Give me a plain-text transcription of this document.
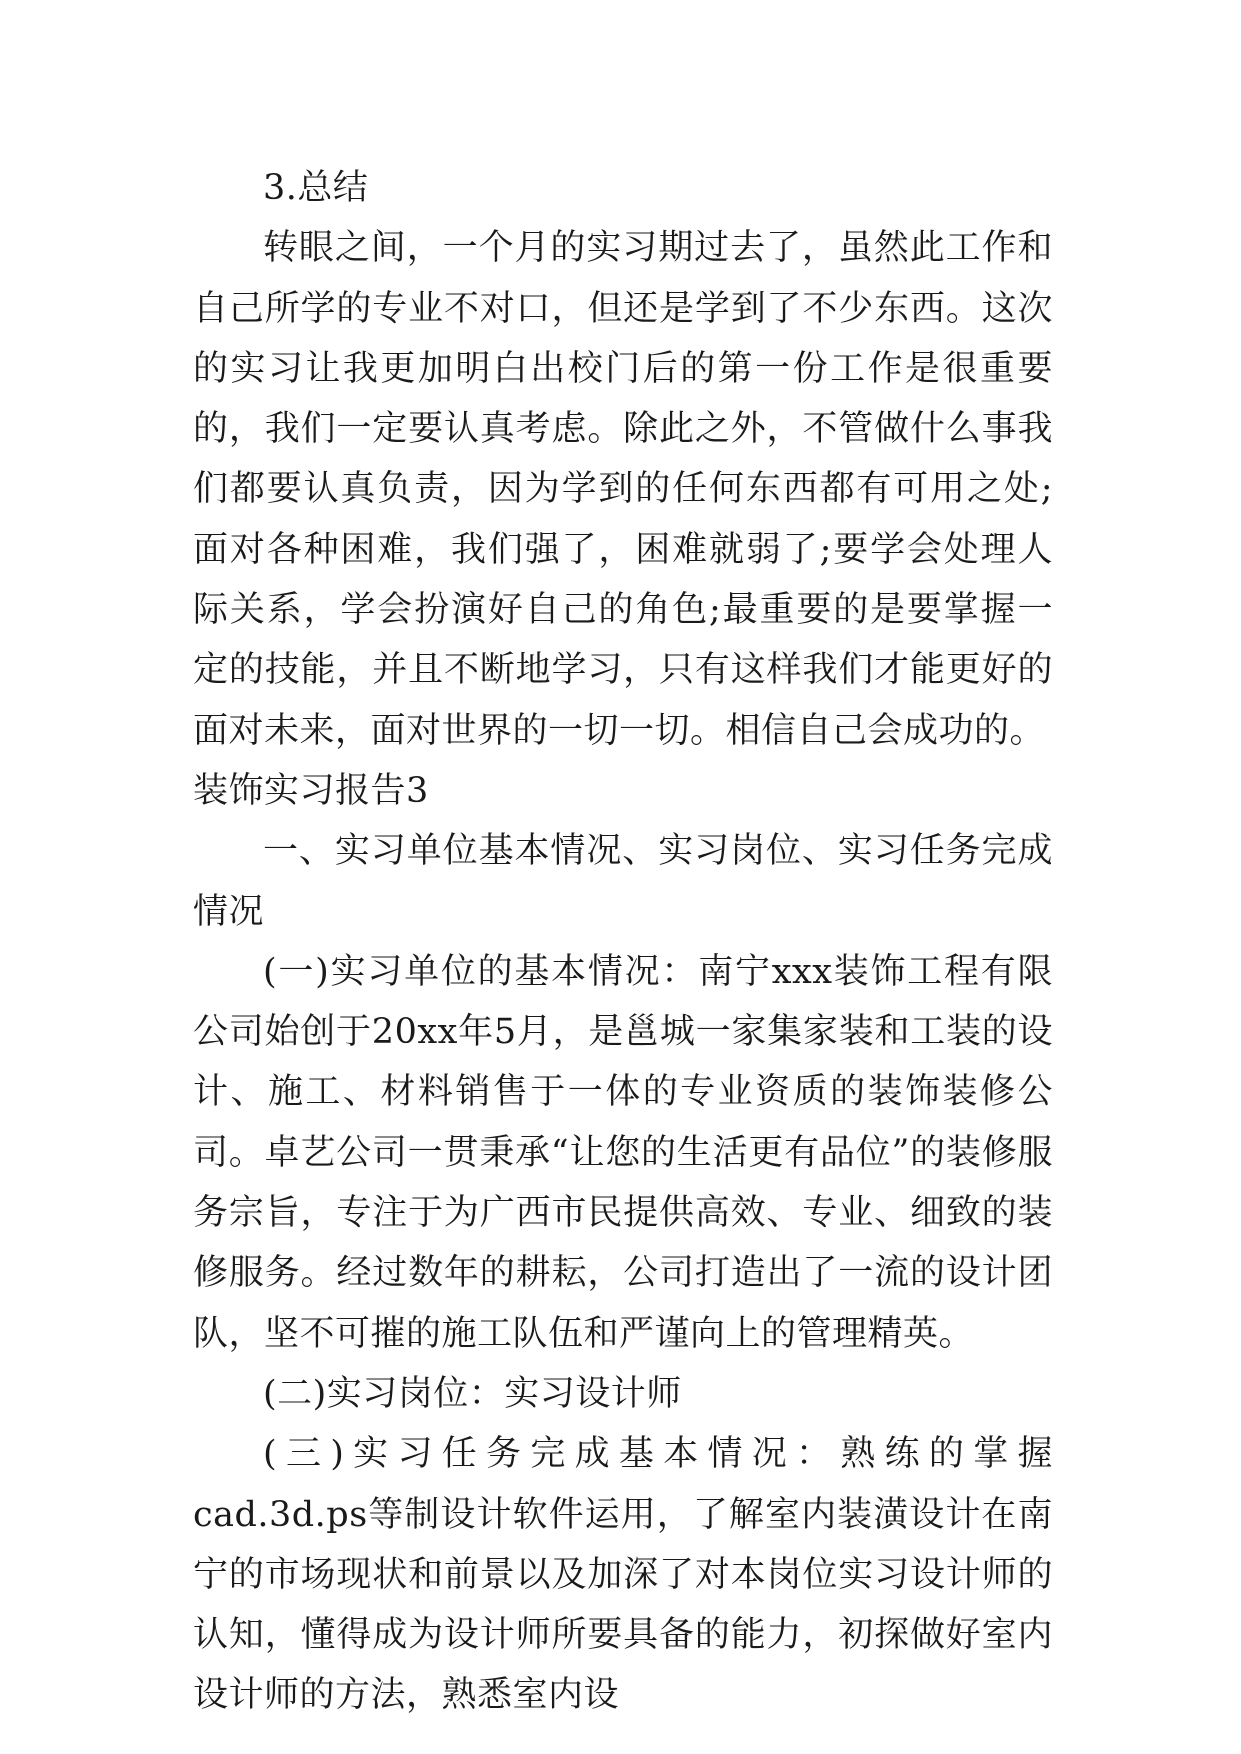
3.总结

转眼之间，一个月的实习期过去了，虽然此工作和自己所学的专业不对口，但还是学到了不少东西。这次的实习让我更加明白出校门后的第一份工作是很重要的，我们一定要认真考虑。除此之外，不管做什么事我们都要认真负责，因为学到的任何东西都有可用之处;面对各种困难，我们强了，困难就弱了;要学会处理人际关系，学会扮演好自己的角色;最重要的是要掌握一定的技能，并且不断地学习，只有这样我们才能更好的面对未来，面对世界的一切一切。相信自己会成功的。

装饰实习报告3

一、实习单位基本情况、实习岗位、实习任务完成情况

(一)实习单位的基本情况：南宁xxx装饰工程有限公司始创于20xx年5月，是邕城一家集家装和工装的设计、施工、材料销售于一体的专业资质的装饰装修公司。卓艺公司一贯秉承“让您的生活更有品位”的装修服务宗旨，专注于为广西市民提供高效、专业、细致的装修服务。经过数年的耕耘，公司打造出了一流的设计团队，坚不可摧的施工队伍和严谨向上的管理精英。

(二)实习岗位：实习设计师

(三)实习任务完成基本情况：熟练的掌握cad.3d.ps等制设计软件运用，了解室内装潢设计在南宁的市场现状和前景以及加深了对本岗位实习设计师的认知，懂得成为设计师所要具备的能力，初探做好室内设计师的方法，熟悉室内设
